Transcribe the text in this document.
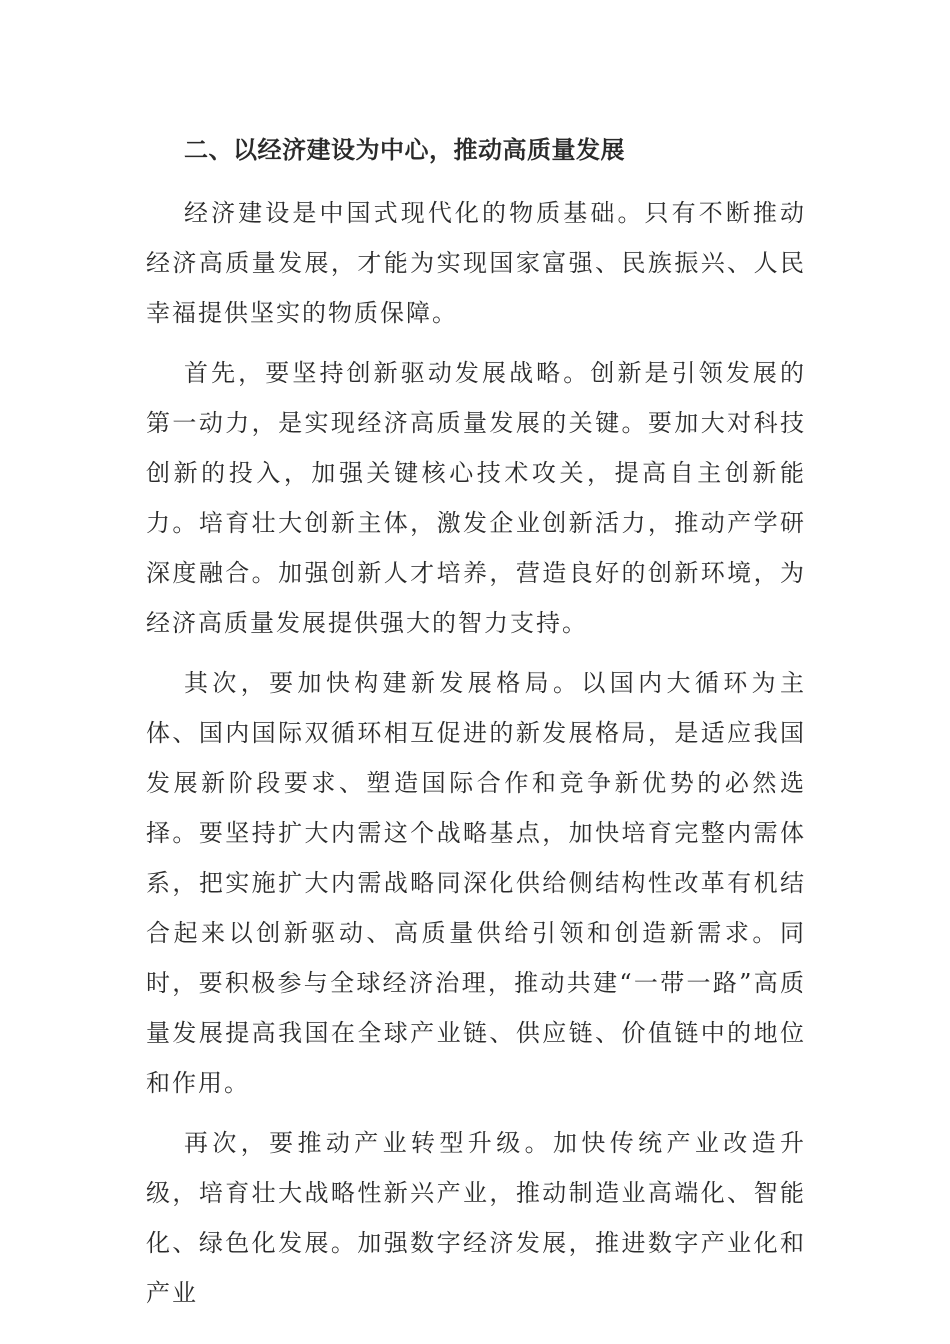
二、以经济建设为中心，推动高质量发展

经济建设是中国式现代化的物质基础。只有不断推动经济高质量发展，才能为实现国家富强、民族振兴、人民幸福提供坚实的物质保障。

首先，要坚持创新驱动发展战略。创新是引领发展的第一动力，是实现经济高质量发展的关键。要加大对科技创新的投入，加强关键核心技术攻关，提高自主创新能力。培育壮大创新主体，激发企业创新活力，推动产学研深度融合。加强创新人才培养，营造良好的创新环境，为经济高质量发展提供强大的智力支持。

其次，要加快构建新发展格局。以国内大循环为主体、国内国际双循环相互促进的新发展格局，是适应我国发展新阶段要求、塑造国际合作和竞争新优势的必然选择。要坚持扩大内需这个战略基点，加快培育完整内需体系，把实施扩大内需战略同深化供给侧结构性改革有机结合起来以创新驱动、高质量供给引领和创造新需求。同时，要积极参与全球经济治理，推动共建“一带一路”高质量发展提高我国在全球产业链、供应链、价值链中的地位和作用。

再次，要推动产业转型升级。加快传统产业改造升级，培育壮大战略性新兴产业，推动制造业高端化、智能化、绿色化发展。加强数字经济发展，推进数字产业化和产业
